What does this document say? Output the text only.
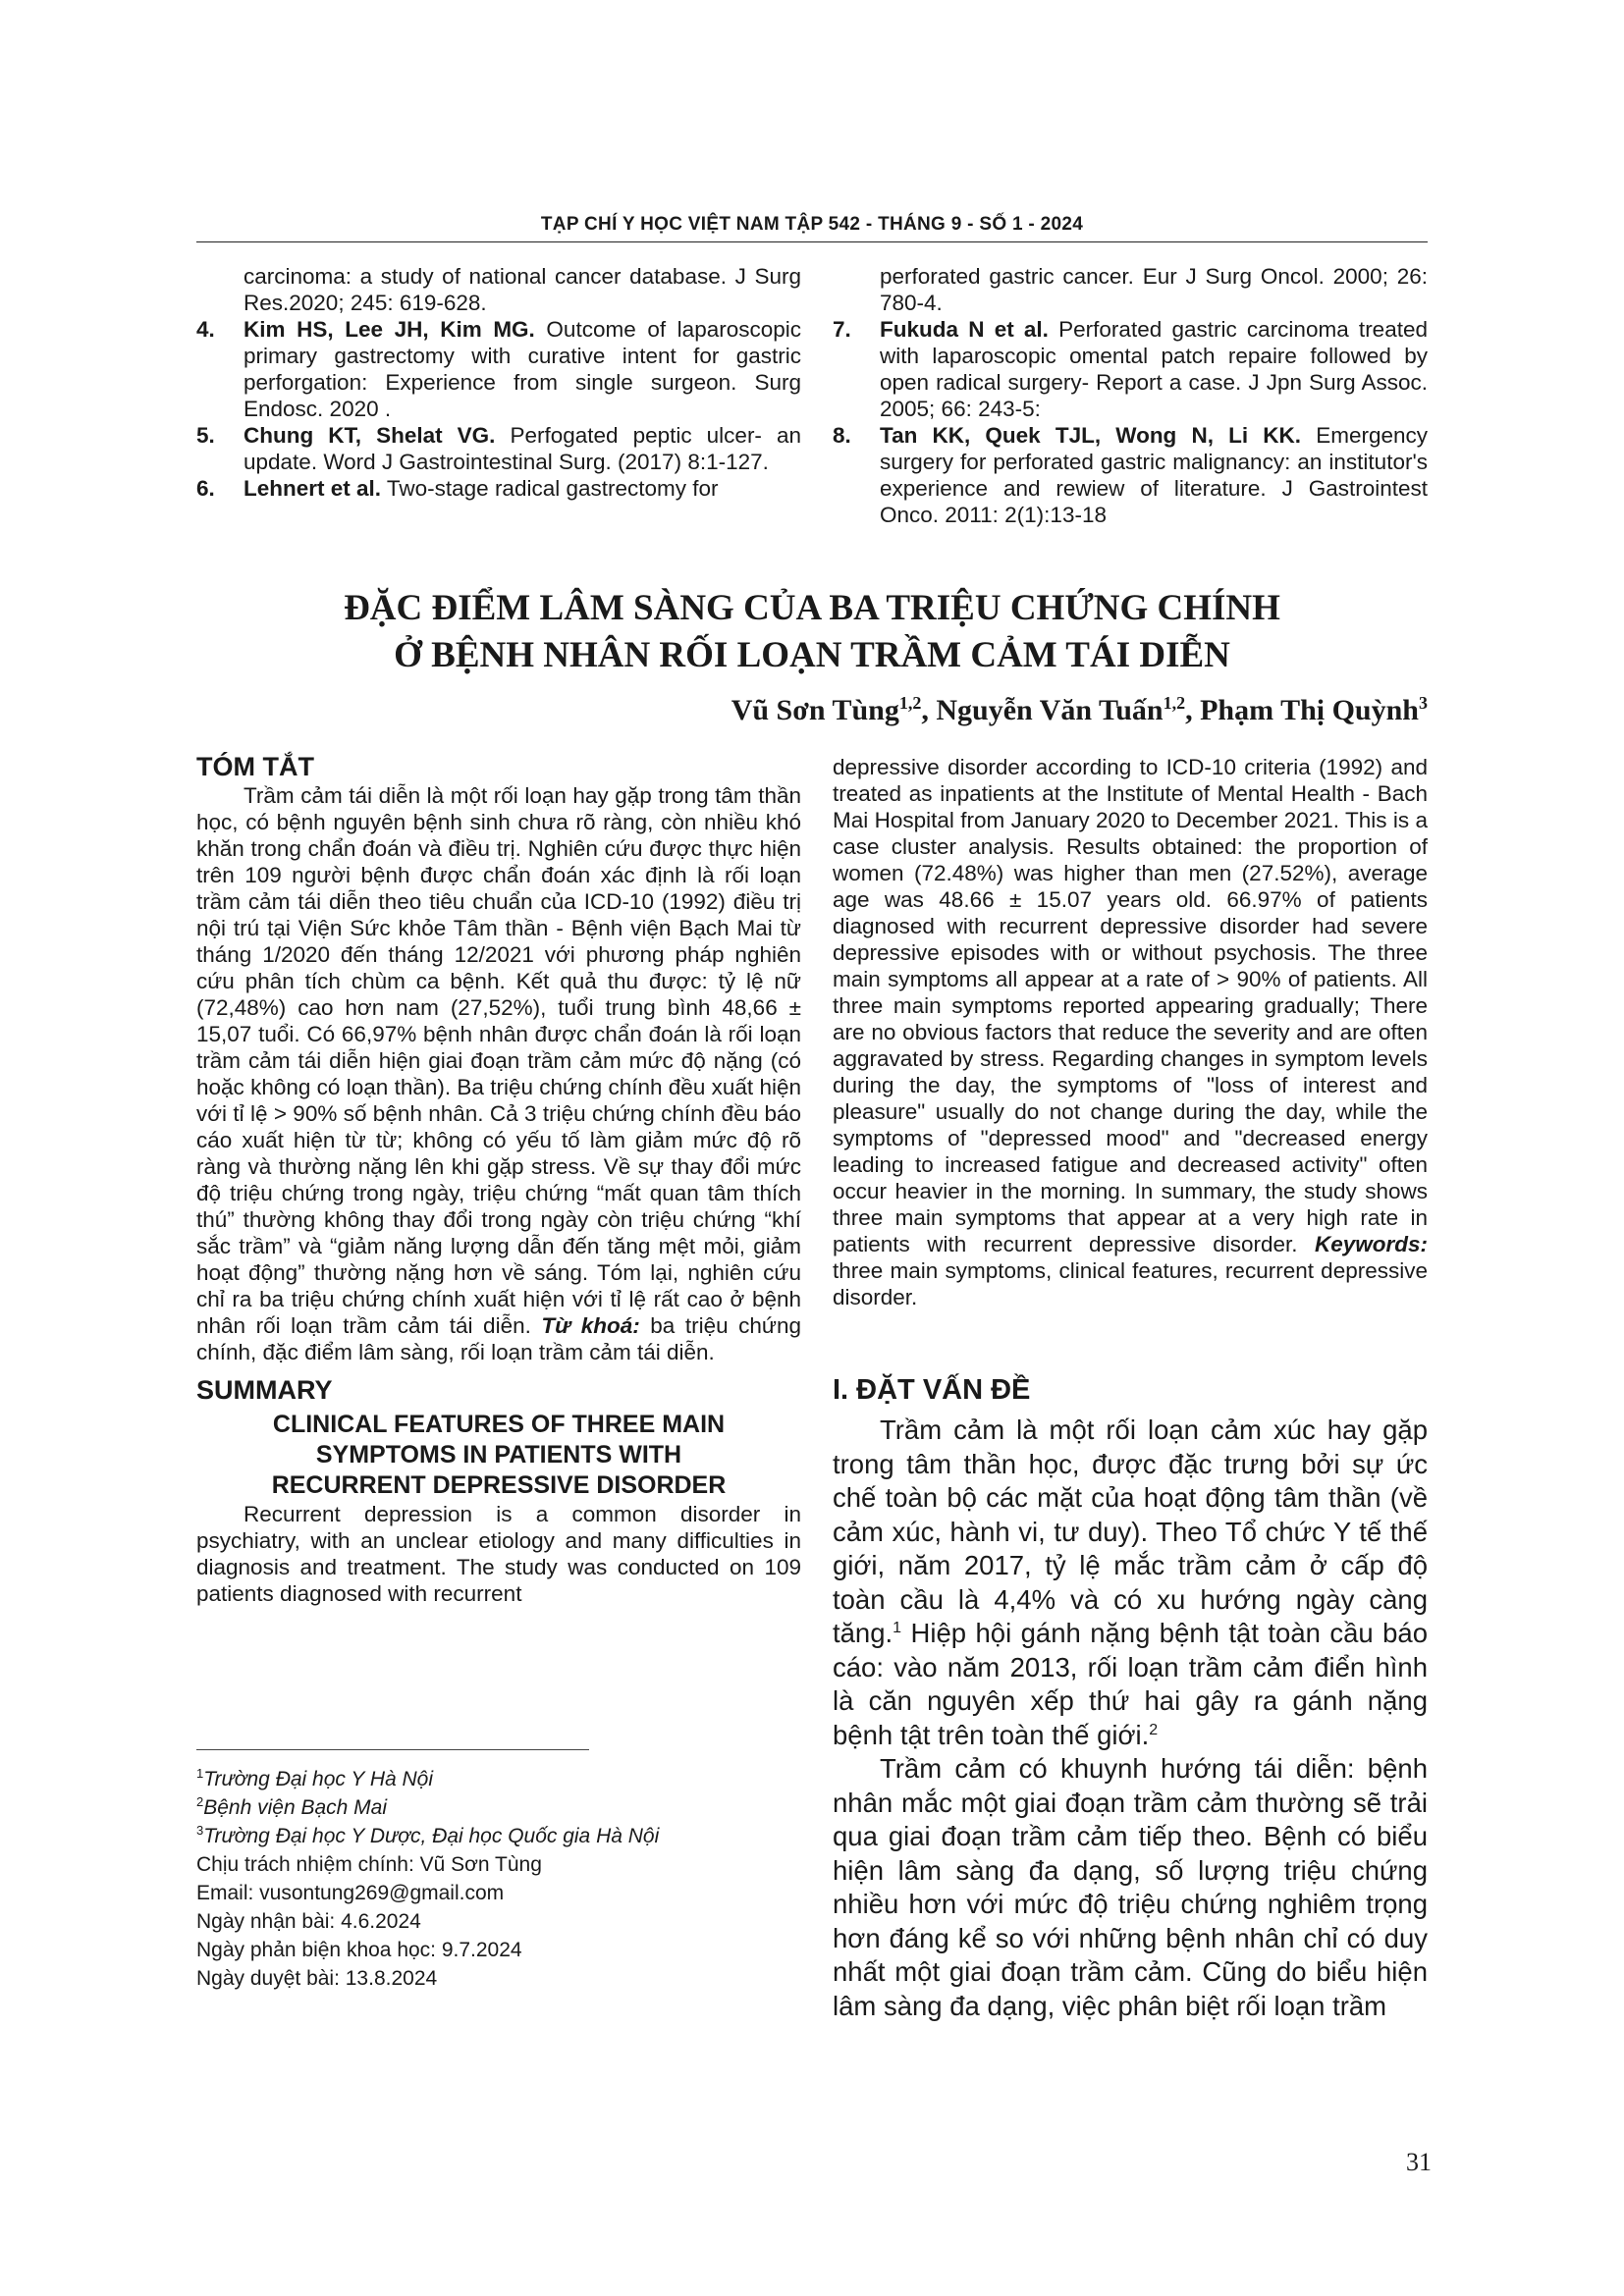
TẠP CHÍ Y HỌC VIỆT NAM TẬP 542 - THÁNG 9 - SỐ 1 - 2024
carcinoma: a study of national cancer database. J Surg Res.2020; 245: 619-628.
4.	Kim HS, Lee JH, Kim MG. Outcome of laparoscopic primary gastrectomy with curative intent for gastric perforgation: Experience from single surgeon. Surg Endosc. 2020 .
5.	Chung KT, Shelat VG. Perfogated peptic ulcer- an update. Word J Gastrointestinal Surg. (2017) 8:1-127.
6.	Lehnert et al. Two-stage radical gastrectomy for
perforated gastric cancer. Eur J Surg Oncol. 2000; 26: 780-4.
7.	Fukuda N et al. Perforated gastric carcinoma treated with laparoscopic omental patch repaire followed by open radical surgery- Report a case. J Jpn Surg Assoc. 2005; 66: 243-5:
8.	Tan KK, Quek TJL, Wong N, Li KK. Emergency surgery for perforated gastric malignancy: an institutor's experience and rewiew of literature. J Gastrointest Onco. 2011: 2(1):13-18
ĐẶC ĐIỂM LÂM SÀNG CỦA BA TRIỆU CHỨNG CHÍNH
Ở BỆNH NHÂN RỐI LOẠN TRẦM CẢM TÁI DIỄN
Vũ Sơn Tùng$^{1,2}$, Nguyễn Văn Tuấn$^{1,2}$, Phạm Thị Quỳnh$^3$
TÓM TẮT
Trầm cảm tái diễn là một rối loạn hay gặp trong tâm thần học, có bệnh nguyên bệnh sinh chưa rõ ràng, còn nhiều khó khăn trong chẩn đoán và điều trị. Nghiên cứu được thực hiện trên 109 người bệnh được chẩn đoán xác định là rối loạn trầm cảm tái diễn theo tiêu chuẩn của ICD-10 (1992) điều trị nội trú tại Viện Sức khỏe Tâm thần - Bệnh viện Bạch Mai từ tháng 1/2020 đến tháng 12/2021 với phương pháp nghiên cứu phân tích chùm ca bệnh. Kết quả thu được: tỷ lệ nữ (72,48%) cao hơn nam (27,52%), tuổi trung bình 48,66 ± 15,07 tuổi. Có 66,97% bệnh nhân được chẩn đoán là rối loạn trầm cảm tái diễn hiện giai đoạn trầm cảm mức độ nặng (có hoặc không có loạn thần). Ba triệu chứng chính đều xuất hiện với tỉ lệ > 90% số bệnh nhân. Cả 3 triệu chứng chính đều báo cáo xuất hiện từ từ; không có yếu tố làm giảm mức độ rõ ràng và thường nặng lên khi gặp stress. Về sự thay đổi mức độ triệu chứng trong ngày, triệu chứng “mất quan tâm thích thú” thường không thay đổi trong ngày còn triệu chứng “khí sắc trầm” và “giảm năng lượng dẫn đến tăng mệt mỏi, giảm hoạt động” thường nặng hơn về sáng. Tóm lại, nghiên cứu chỉ ra ba triệu chứng chính xuất hiện với tỉ lệ rất cao ở bệnh nhân rối loạn trầm cảm tái diễn. Từ khoá: ba triệu chứng chính, đặc điểm lâm sàng, rối loạn trầm cảm tái diễn.
SUMMARY
CLINICAL FEATURES OF THREE MAIN
SYMPTOMS IN PATIENTS WITH
RECURRENT DEPRESSIVE DISORDER
Recurrent depression is a common disorder in psychiatry, with an unclear etiology and many difficulties in diagnosis and treatment. The study was conducted on 109 patients diagnosed with recurrent
$^1$Trường Đại học Y Hà Nội
$^2$Bệnh viện Bạch Mai
$^3$Trường Đại học Y Dược, Đại học Quốc gia Hà Nội
Chịu trách nhiệm chính: Vũ Sơn Tùng
Email: vusontung269@gmail.com
Ngày nhận bài: 4.6.2024
Ngày phản biện khoa học: 9.7.2024
Ngày duyệt bài: 13.8.2024
depressive disorder according to ICD-10 criteria (1992) and treated as inpatients at the Institute of Mental Health - Bach Mai Hospital from January 2020 to December 2021. This is a case cluster analysis. Results obtained: the proportion of women (72.48%) was higher than men (27.52%), average age was 48.66 ± 15.07 years old. 66.97% of patients diagnosed with recurrent depressive disorder had severe depressive episodes with or without psychosis. The three main symptoms all appear at a rate of > 90% of patients. All three main symptoms reported appearing gradually; There are no obvious factors that reduce the severity and are often aggravated by stress. Regarding changes in symptom levels during the day, the symptoms of "loss of interest and pleasure" usually do not change during the day, while the symptoms of "depressed mood" and "decreased energy leading to increased fatigue and decreased activity" often occur heavier in the morning. In summary, the study shows three main symptoms that appear at a very high rate in patients with recurrent depressive disorder. Keywords: three main symptoms, clinical features, recurrent depressive disorder.
I. ĐẶT VẤN ĐỀ
Trầm cảm là một rối loạn cảm xúc hay gặp trong tâm thần học, được đặc trưng bởi sự ức chế toàn bộ các mặt của hoạt động tâm thần (về cảm xúc, hành vi, tư duy). Theo Tổ chức Y tế thế giới, năm 2017, tỷ lệ mắc trầm cảm ở cấp độ toàn cầu là 4,4% và có xu hướng ngày càng tăng.$^1$ Hiệp hội gánh nặng bệnh tật toàn cầu báo cáo: vào năm 2013, rối loạn trầm cảm điển hình là căn nguyên xếp thứ hai gây ra gánh nặng bệnh tật trên toàn thế giới.$^2$
Trầm cảm có khuynh hướng tái diễn: bệnh nhân mắc một giai đoạn trầm cảm thường sẽ trải qua giai đoạn trầm cảm tiếp theo. Bệnh có biểu hiện lâm sàng đa dạng, số lượng triệu chứng nhiều hơn với mức độ triệu chứng nghiêm trọng hơn đáng kể so với những bệnh nhân chỉ có duy nhất một giai đoạn trầm cảm. Cũng do biểu hiện lâm sàng đa dạng, việc phân biệt rối loạn trầm
31
